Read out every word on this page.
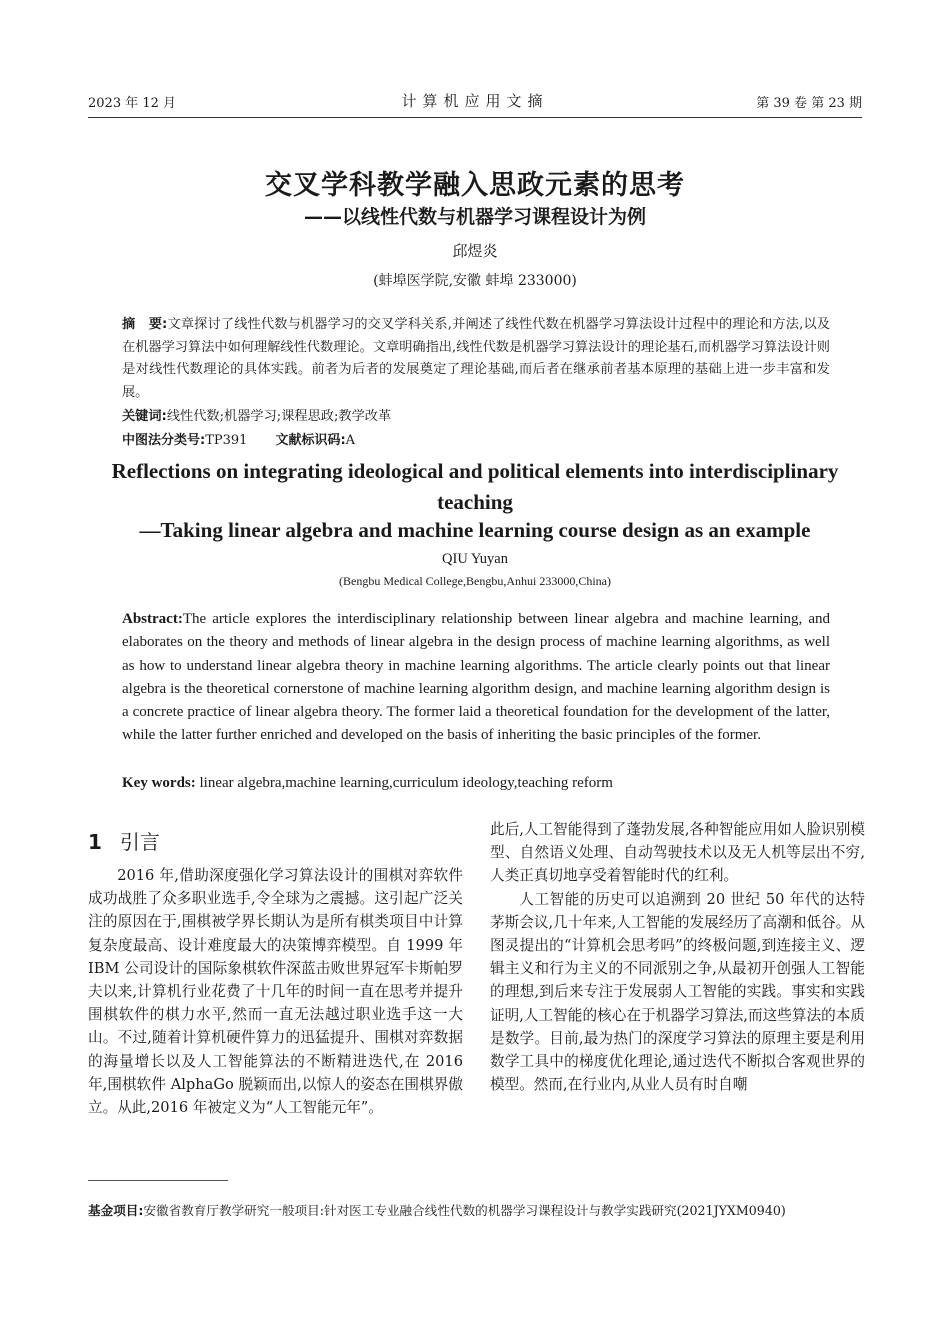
2023 年 12 月	计算机应用文摘	第 39 卷 第 23 期
交叉学科教学融入思政元素的思考
——以线性代数与机器学习课程设计为例
邱煜炎
(蚌埠医学院,安徽 蚌埠 233000)

摘　要:文章探讨了线性代数与机器学习的交叉学科关系,并阐述了线性代数在机器学习算法设计过程中的理论和方法,以及在机器学习算法中如何理解线性代数理论。文章明确指出,线性代数是机器学习算法设计的理论基石,而机器学习算法设计则是对线性代数理论的具体实践。前者为后者的发展奠定了理论基础,而后者在继承前者基本原理的基础上进一步丰富和发展。

关键词:线性代数;机器学习;课程思政;教学改革

中图法分类号:TP391 文献标识码:A

Reflections on integrating ideological and political elements into interdisciplinary teaching

—Taking linear algebra and machine learning course design as an example

QIU Yuyan
(Bengbu Medical College,Bengbu,Anhui 233000,China)

Abstract:The article explores the interdisciplinary relationship between linear algebra and machine learning, and elaborates on the theory and methods of linear algebra in the design process of machine learning algorithms, as well as how to understand linear algebra theory in machine learning algorithms. The article clearly points out that linear algebra is the theoretical cornerstone of machine learning algorithm design, and machine learning algorithm design is a concrete practice of linear algebra theory. The former laid a theoretical foundation for the development of the latter, while the latter further enriched and developed on the basis of inheriting the basic principles of the former.

Key words: linear algebra,machine learning,curriculum ideology,teaching reform

1 引言

2016 年,借助深度强化学习算法设计的围棋对弈软件成功战胜了众多职业选手,令全球为之震撼。这引起广泛关注的原因在于,围棋被学界长期认为是所有棋类项目中计算复杂度最高、设计难度最大的决策博弈模型。自 1999 年 IBM 公司设计的国际象棋软件深蓝击败世界冠军卡斯帕罗夫以来,计算机行业花费了十几年的时间一直在思考并提升围棋软件的棋力水平,然而一直无法越过职业选手这一大山。不过,随着计算机硬件算力的迅猛提升、围棋对弈数据的海量增长以及人工智能算法的不断精进迭代,在 2016 年,围棋软件 AlphaGo 脱颖而出,以惊人的姿态在围棋界傲立。从此,2016 年被定义为“人工智能元年”。

此后,人工智能得到了蓬勃发展,各种智能应用如人脸识别模型、自然语义处理、自动驾驶技术以及无人机等层出不穷,人类正真切地享受着智能时代的红利。

人工智能的历史可以追溯到 20 世纪 50 年代的达特茅斯会议,几十年来,人工智能的发展经历了高潮和低谷。从图灵提出的“计算机会思考吗”的终极问题,到连接主义、逻辑主义和行为主义的不同派别之争,从最初开创强人工智能的理想,到后来专注于发展弱人工智能的实践。事实和实践证明,人工智能的核心在于机器学习算法,而这些算法的本质是数学。目前,最为热门的深度学习算法的原理主要是利用数学工具中的梯度优化理论,通过迭代不断拟合客观世界的模型。然而,在行业内,从业人员有时自嘲

基金项目:安徽省教育厅教学研究一般项目:针对医工专业融合线性代数的机器学习课程设计与教学实践研究(2021JYXM0940)
